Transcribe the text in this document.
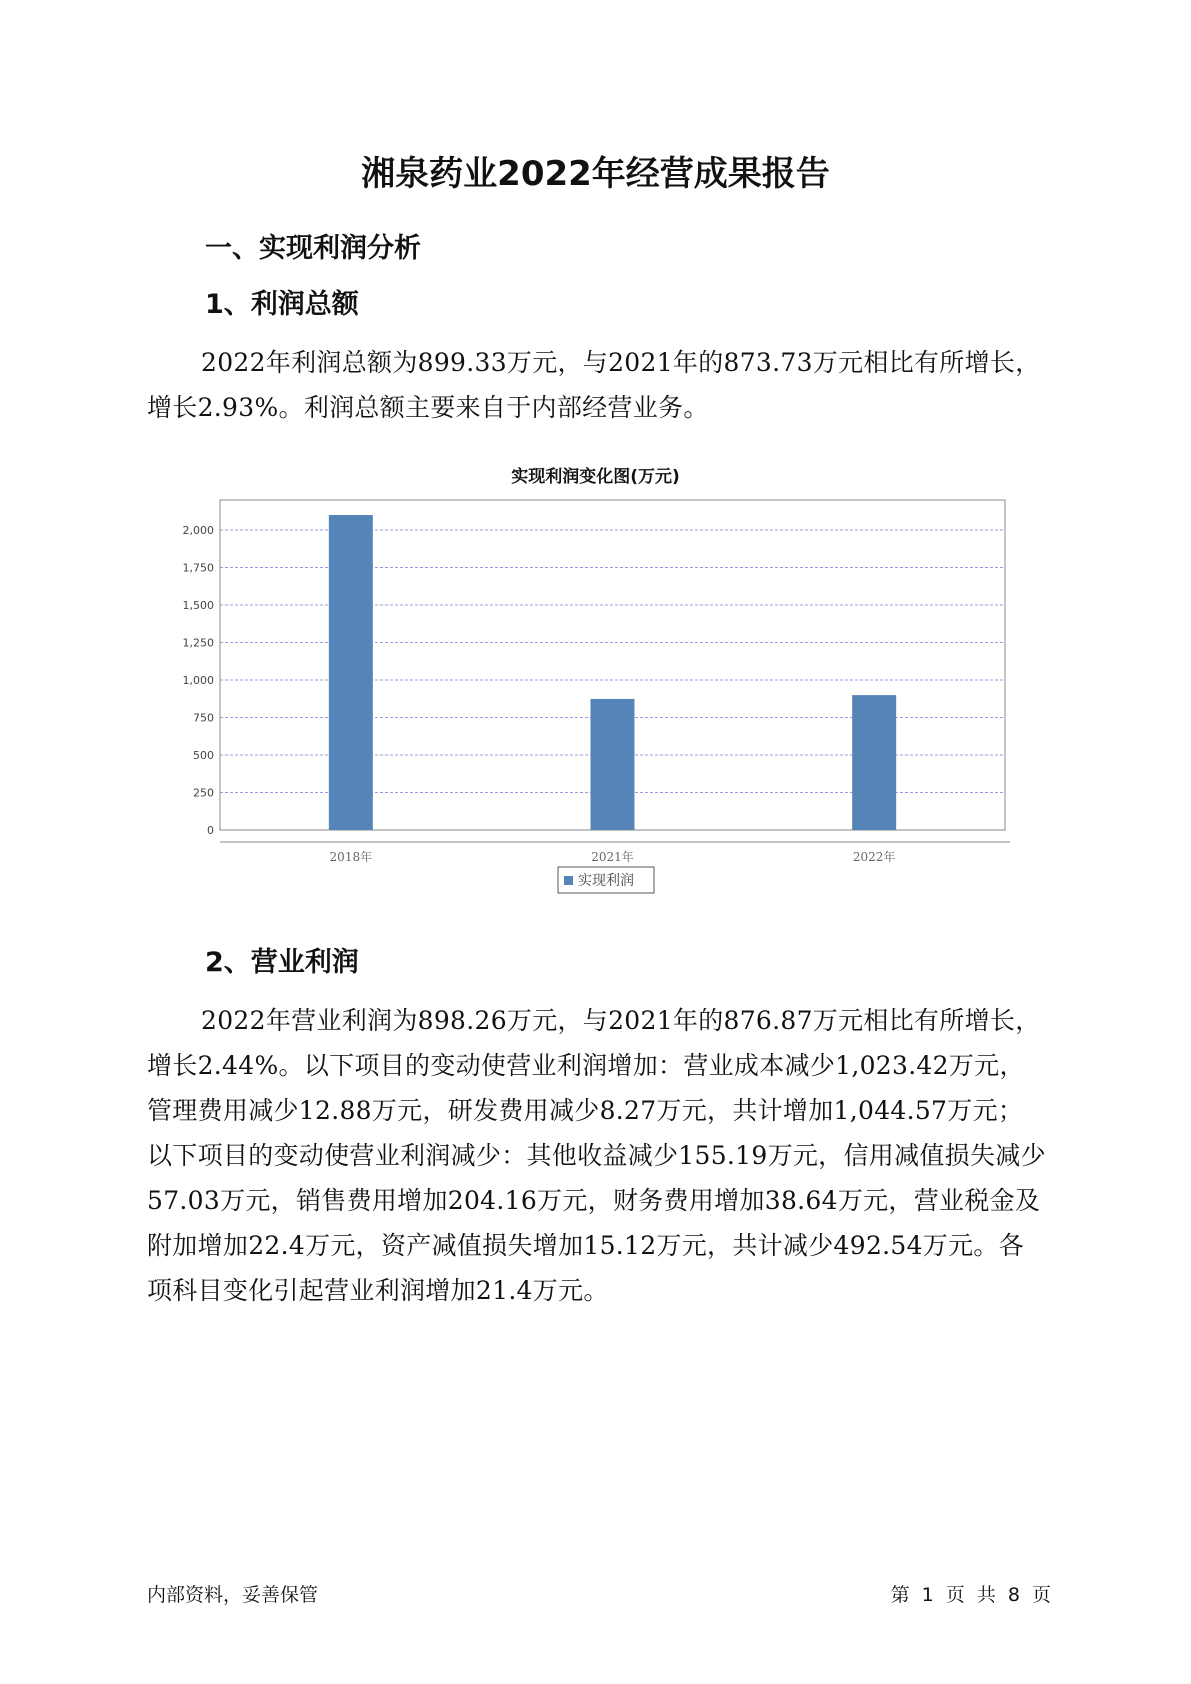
湘泉药业2022年经营成果报告
一、实现利润分析
1、利润总额

2022年利润总额为899.33万元，与2021年的873.73万元相比有所增长，增长2.93%。利润总额主要来自于内部经营业务。

实现利润变化图(万元)
0
250
500
750
1,000
1,250
1,500
1,750
2,000
2018年	2021年	2022年
实现利润
2、营业利润

2022年营业利润为898.26万元，与2021年的876.87万元相比有所增长，增长2.44%。以下项目的变动使营业利润增加：营业成本减少1,023.42万元，管理费用减少12.88万元，研发费用减少8.27万元，共计增加1,044.57万元；以下项目的变动使营业利润减少：其他收益减少155.19万元，信用减值损失减少57.03万元，销售费用增加204.16万元，财务费用增加38.64万元，营业税金及附加增加22.4万元，资产减值损失增加15.12万元，共计减少492.54万元。各项科目变化引起营业利润增加21.4万元。

内部资料，妥善保管	第 1 页 共 8 页
